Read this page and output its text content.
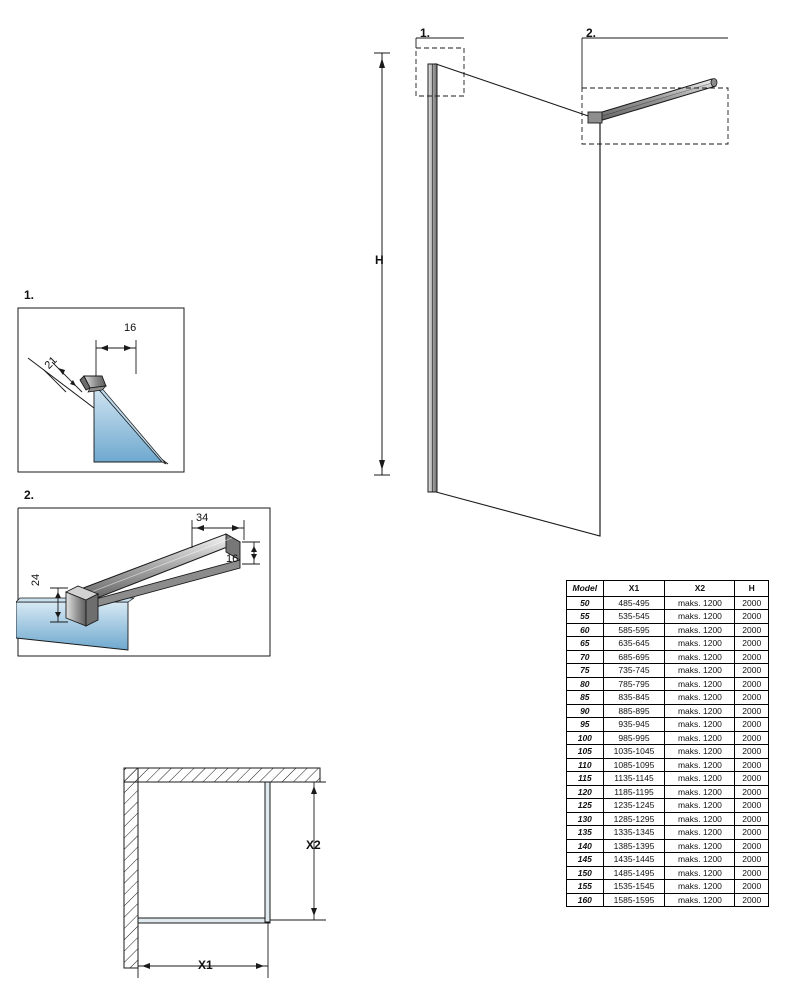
H
1.	2.
1.
16
21
2.
34
16
24
X1
X2
Model	X1	X2	H
50	485-495	maks. 1200	2000
55	535-545	maks. 1200	2000
60	585-595	maks. 1200	2000
65	635-645	maks. 1200	2000
70	685-695	maks. 1200	2000
75	735-745	maks. 1200	2000
80	785-795	maks. 1200	2000
85	835-845	maks. 1200	2000
90	885-895	maks. 1200	2000
95	935-945	maks. 1200	2000
100	985-995	maks. 1200	2000
105	1035-1045	maks. 1200	2000
110	1085-1095	maks. 1200	2000
115	1135-1145	maks. 1200	2000
120	1185-1195	maks. 1200	2000
125	1235-1245	maks. 1200	2000
130	1285-1295	maks. 1200	2000
135	1335-1345	maks. 1200	2000
140	1385-1395	maks. 1200	2000
145	1435-1445	maks. 1200	2000
150	1485-1495	maks. 1200	2000
155	1535-1545	maks. 1200	2000
160	1585-1595	maks. 1200	2000
